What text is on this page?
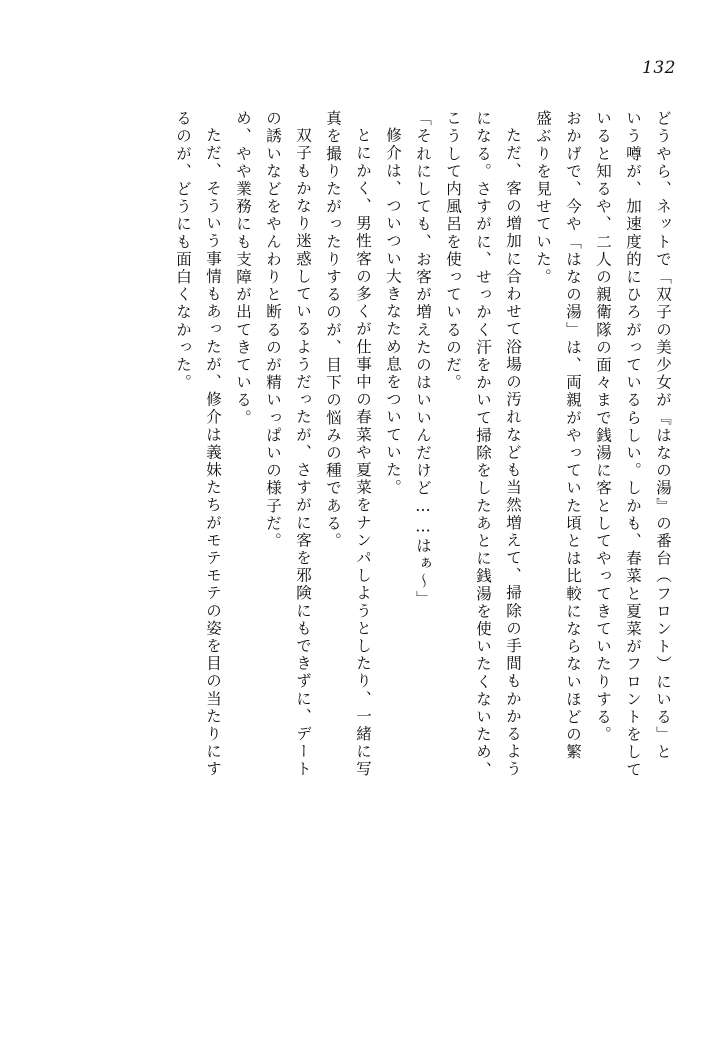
132
どうやら、ネットで「双子の美少女が『はなの湯』の番台（フロント）にいる」と
いう噂が、加速度的にひろがっているらしい。しかも、春菜と夏菜がフロントをして
いると知るや、二人の親衛隊の面々まで銭湯に客としてやってきていたりする。
おかげで、今や「はなの湯」は、両親がやっていた頃とは比較にならないほどの繁
盛ぶりを見せていた。
ただ、客の増加に合わせて浴場の汚れなども当然増えて、掃除の手間もかかるよう
になる。さすがに、せっかく汗をかいて掃除をしたあとに銭湯を使いたくないため、
こうして内風呂を使っているのだ。
「それにしても、お客が増えたのはいいんだけど……はぁ〜」
修介は、ついつい大きなため息をついていた。
とにかく、男性客の多くが仕事中の春菜や夏菜をナンパしようとしたり、一緒に写
真を撮りたがったりするのが、目下の悩みの種である。
双子もかなり迷惑しているようだったが、さすがに客を邪険にもできずに、デート
の誘いなどをやんわりと断るのが精いっぱいの様子だ。
め、やや業務にも支障が出てきている。
ただ、そういう事情もあったが、修介は義妹たちがモテモテの姿を目の当たりにす
るのが、どうにも面白くなかった。
